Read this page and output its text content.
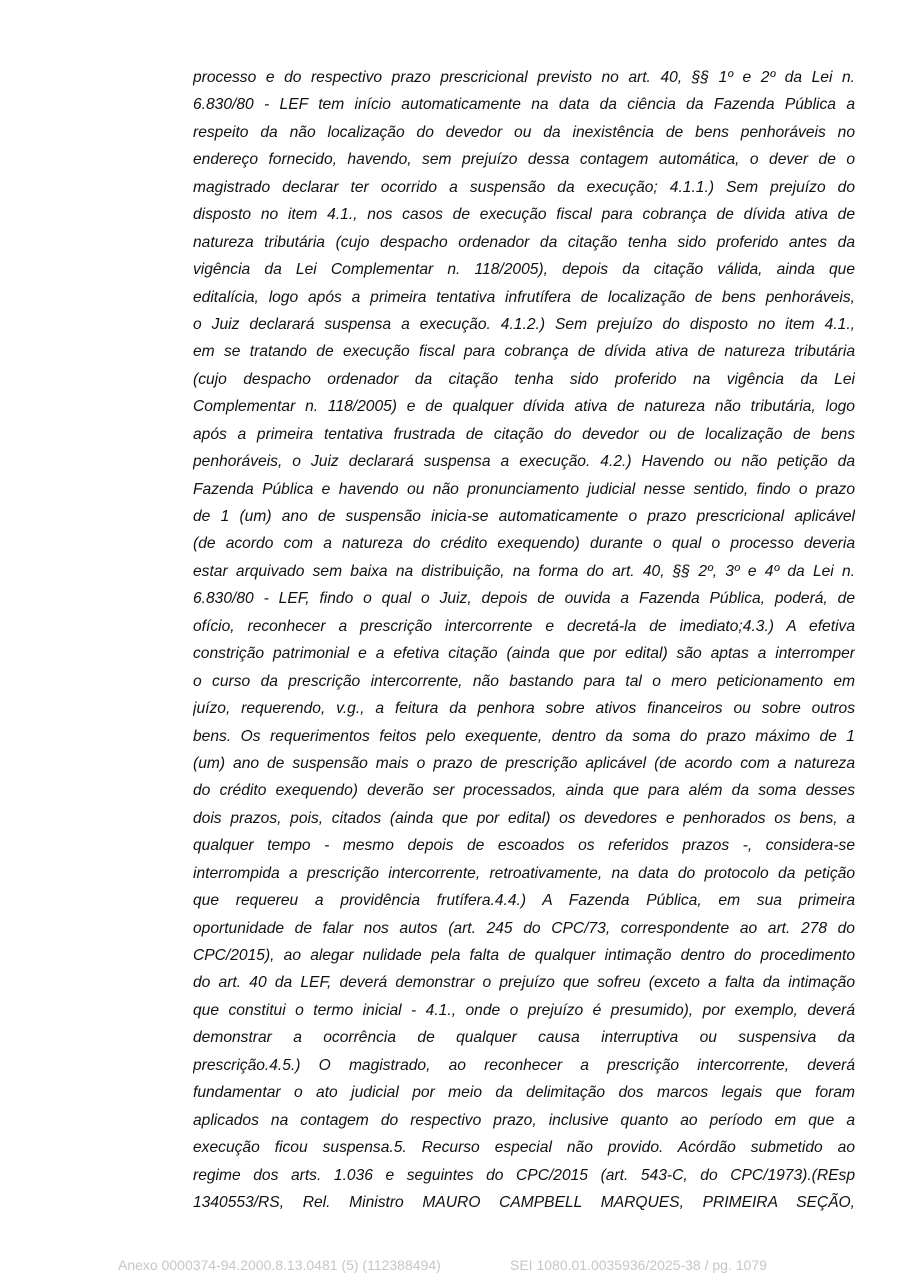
processo e do respectivo prazo prescricional previsto no art. 40, §§ 1º e 2º da Lei n.
6.830/80 - LEF tem início automaticamente na data da ciência da Fazenda Pública a
respeito da não localização do devedor ou da inexistência de bens penhoráveis no
endereço fornecido, havendo, sem prejuízo dessa contagem automática, o dever de o
magistrado declarar ter ocorrido a suspensão da execução; 4.1.1.) Sem prejuízo do
disposto no item 4.1., nos casos de execução fiscal para cobrança de dívida ativa de
natureza tributária (cujo despacho ordenador da citação tenha sido proferido antes da
vigência da Lei Complementar n. 118/2005), depois da citação válida, ainda que
editalícia, logo após a primeira tentativa infrutífera de localização de bens penhoráveis,
o Juiz declarará suspensa a execução. 4.1.2.) Sem prejuízo do disposto no item 4.1.,
em se tratando de execução fiscal para cobrança de dívida ativa de natureza tributária
(cujo despacho ordenador da citação tenha sido proferido na vigência da Lei
Complementar n. 118/2005) e de qualquer dívida ativa de natureza não tributária, logo
após a primeira tentativa frustrada de citação do devedor ou de localização de bens
penhoráveis, o Juiz declarará suspensa a execução. 4.2.) Havendo ou não petição da
Fazenda Pública e havendo ou não pronunciamento judicial nesse sentido, findo o prazo
de 1 (um) ano de suspensão inicia-se automaticamente o prazo prescricional aplicável
(de acordo com a natureza do crédito exequendo) durante o qual o processo deveria
estar arquivado sem baixa na distribuição, na forma do art. 40, §§ 2º, 3º e 4º da Lei n.
6.830/80 - LEF, findo o qual o Juiz, depois de ouvida a Fazenda Pública, poderá, de
ofício, reconhecer a prescrição intercorrente e decretá-la de imediato;4.3.) A efetiva
constrição patrimonial e a efetiva citação (ainda que por edital) são aptas a interromper
o curso da prescrição intercorrente, não bastando para tal o mero peticionamento em
juízo, requerendo, v.g., a feitura da penhora sobre ativos financeiros ou sobre outros
bens. Os requerimentos feitos pelo exequente, dentro da soma do prazo máximo de 1
(um) ano de suspensão mais o prazo de prescrição aplicável (de acordo com a natureza
do crédito exequendo) deverão ser processados, ainda que para além da soma desses
dois prazos, pois, citados (ainda que por edital) os devedores e penhorados os bens, a
qualquer tempo - mesmo depois de escoados os referidos prazos -, considera-se
interrompida a prescrição intercorrente, retroativamente, na data do protocolo da petição
que requereu a providência frutífera.4.4.) A Fazenda Pública, em sua primeira
oportunidade de falar nos autos (art. 245 do CPC/73, correspondente ao art. 278 do
CPC/2015), ao alegar nulidade pela falta de qualquer intimação dentro do procedimento
do art. 40 da LEF, deverá demonstrar o prejuízo que sofreu (exceto a falta da intimação
que constitui o termo inicial - 4.1., onde o prejuízo é presumido), por exemplo, deverá
demonstrar a ocorrência de qualquer causa interruptiva ou suspensiva da
prescrição.4.5.) O magistrado, ao reconhecer a prescrição intercorrente, deverá
fundamentar o ato judicial por meio da delimitação dos marcos legais que foram
aplicados na contagem do respectivo prazo, inclusive quanto ao período em que a
execução ficou suspensa.5. Recurso especial não provido. Acórdão submetido ao
regime dos arts. 1.036 e seguintes do CPC/2015 (art. 543-C, do CPC/1973).(REsp
1340553/RS, Rel. Ministro MAURO CAMPBELL MARQUES, PRIMEIRA SEÇÃO,
Anexo 0000374-94.2000.8.13.0481 (5) (112388494)	SEI 1080.01.0035936/2025-38 / pg. 1079
